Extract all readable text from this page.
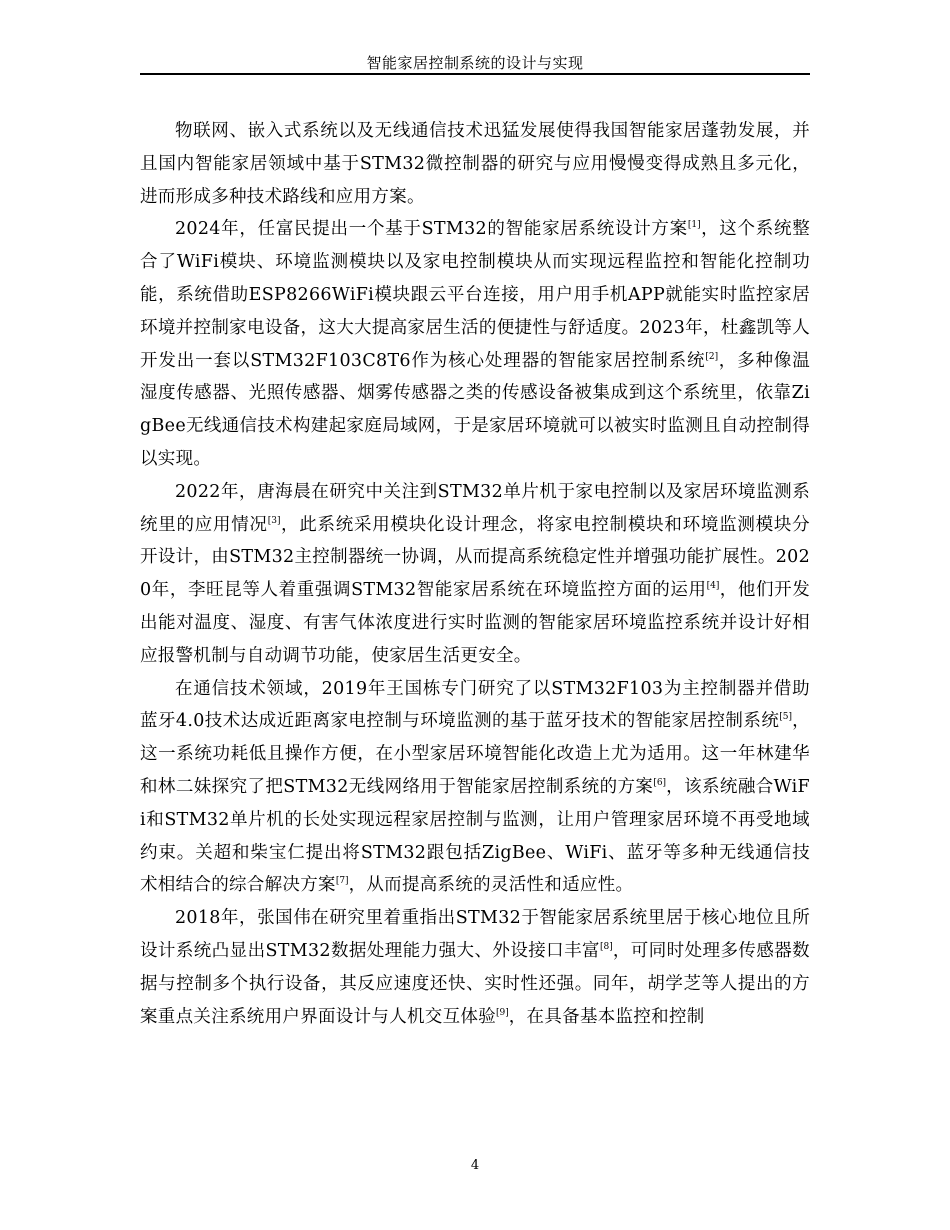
智能家居控制系统的设计与实现

物联网、嵌入式系统以及无线通信技术迅猛发展使得我国智能家居蓬勃发展，并且国内智能家居领域中基于STM32微控制器的研究与应用慢慢变得成熟且多元化，进而形成多种技术路线和应用方案。

2024年，任富民提出一个基于STM32的智能家居系统设计方案[1]，这个系统整合了WiFi模块、环境监测模块以及家电控制模块从而实现远程监控和智能化控制功能，系统借助ESP8266WiFi模块跟云平台连接，用户用手机APP就能实时监控家居环境并控制家电设备，这大大提高家居生活的便捷性与舒适度。2023年，杜鑫凯等人开发出一套以STM32F103C8T6作为核心处理器的智能家居控制系统[2]，多种像温湿度传感器、光照传感器、烟雾传感器之类的传感设备被集成到这个系统里，依靠ZigBee无线通信技术构建起家庭局域网，于是家居环境就可以被实时监测且自动控制得以实现。

2022年，唐海晨在研究中关注到STM32单片机于家电控制以及家居环境监测系统里的应用情况[3]，此系统采用模块化设计理念，将家电控制模块和环境监测模块分开设计，由STM32主控制器统一协调，从而提高系统稳定性并增强功能扩展性。2020年，李旺昆等人着重强调STM32智能家居系统在环境监控方面的运用[4]，他们开发出能对温度、湿度、有害气体浓度进行实时监测的智能家居环境监控系统并设计好相应报警机制与自动调节功能，使家居生活更安全。

在通信技术领域，2019年王国栋专门研究了以STM32F103为主控制器并借助蓝牙4.0技术达成近距离家电控制与环境监测的基于蓝牙技术的智能家居控制系统[5]，这一系统功耗低且操作方便，在小型家居环境智能化改造上尤为适用。这一年林建华和林二妹探究了把STM32无线网络用于智能家居控制系统的方案[6]，该系统融合WiFi和STM32单片机的长处实现远程家居控制与监测，让用户管理家居环境不再受地域约束。关超和柴宝仁提出将STM32跟包括ZigBee、WiFi、蓝牙等多种无线通信技术相结合的综合解决方案[7]，从而提高系统的灵活性和适应性。

2018年，张国伟在研究里着重指出STM32于智能家居系统里居于核心地位且所设计系统凸显出STM32数据处理能力强大、外设接口丰富[8]，可同时处理多传感器数据与控制多个执行设备，其反应速度还快、实时性还强。同年，胡学芝等人提出的方案重点关注系统用户界面设计与人机交互体验[9]，在具备基本监控和控制

4
